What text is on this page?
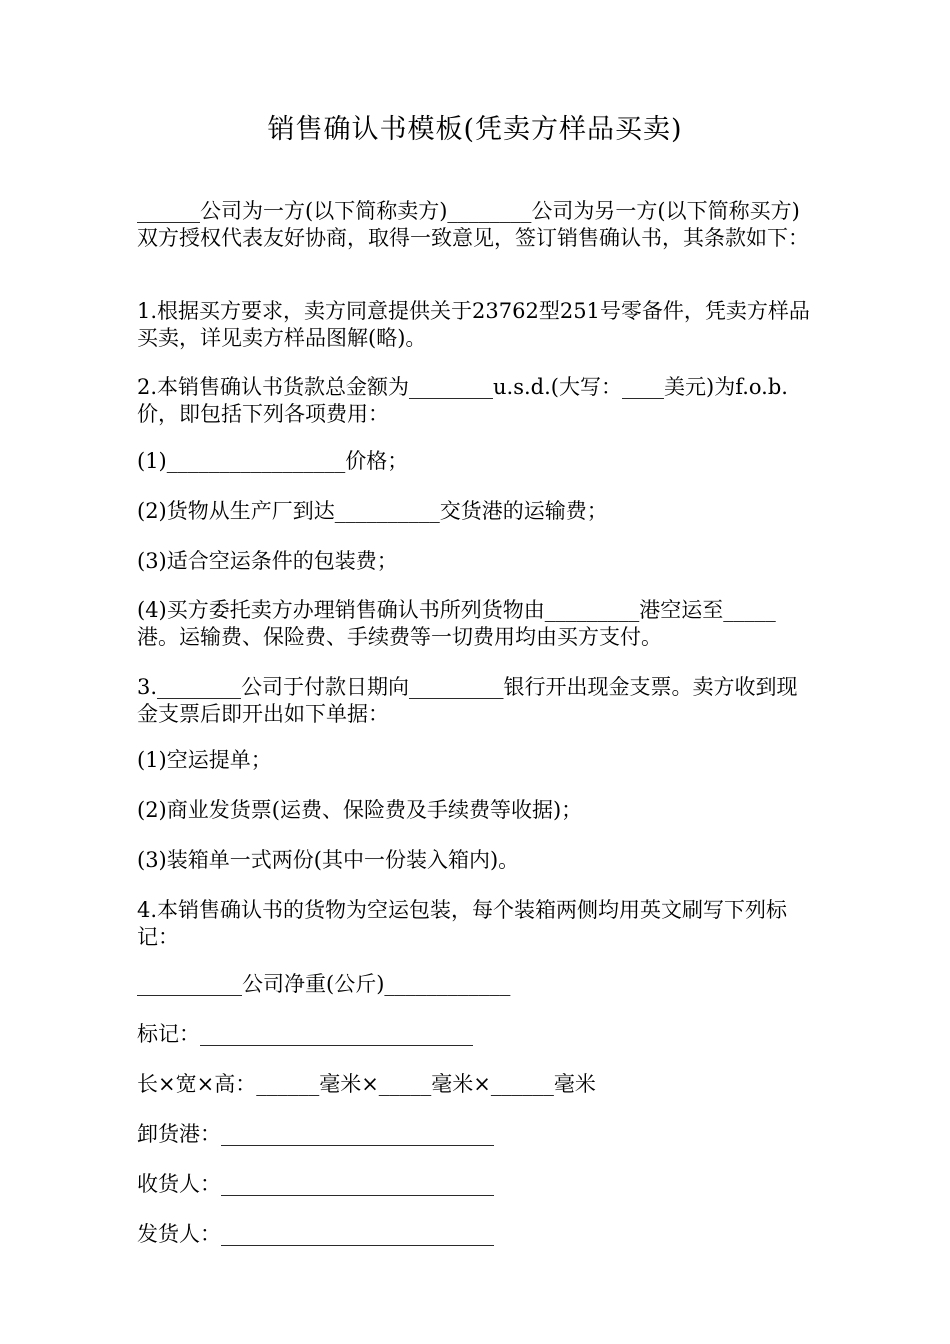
销售确认书模板(凭卖方样品买卖)
______公司为一方(以下简称卖方)________公司为另一方(以下简称买方)双方授权代表友好协商，取得一致意见，签订销售确认书，其条款如下：
1.根据买方要求，卖方同意提供关于23762型251号零备件，凭卖方样品买卖，详见卖方样品图解(略)。
2.本销售确认书货款总金额为________u.s.d.(大写：____美元)为f.o.b.价，即包括下列各项费用：
(1)_________________价格；
(2)货物从生产厂到达__________交货港的运输费；
(3)适合空运条件的包装费；
(4)买方委托卖方办理销售确认书所列货物由_________港空运至_____港。运输费、保险费、手续费等一切费用均由买方支付。
3.________公司于付款日期向_________银行开出现金支票。卖方收到现金支票后即开出如下单据：
(1)空运提单；
(2)商业发货票(运费、保险费及手续费等收据)；
(3)装箱单一式两份(其中一份装入箱内)。
4.本销售确认书的货物为空运包装，每个装箱两侧均用英文刷写下列标记：
__________公司净重(公斤)____________
标记：__________________________
长×宽×高：______毫米×_____毫米×______毫米
卸货港：__________________________
收货人：__________________________
发货人：__________________________
